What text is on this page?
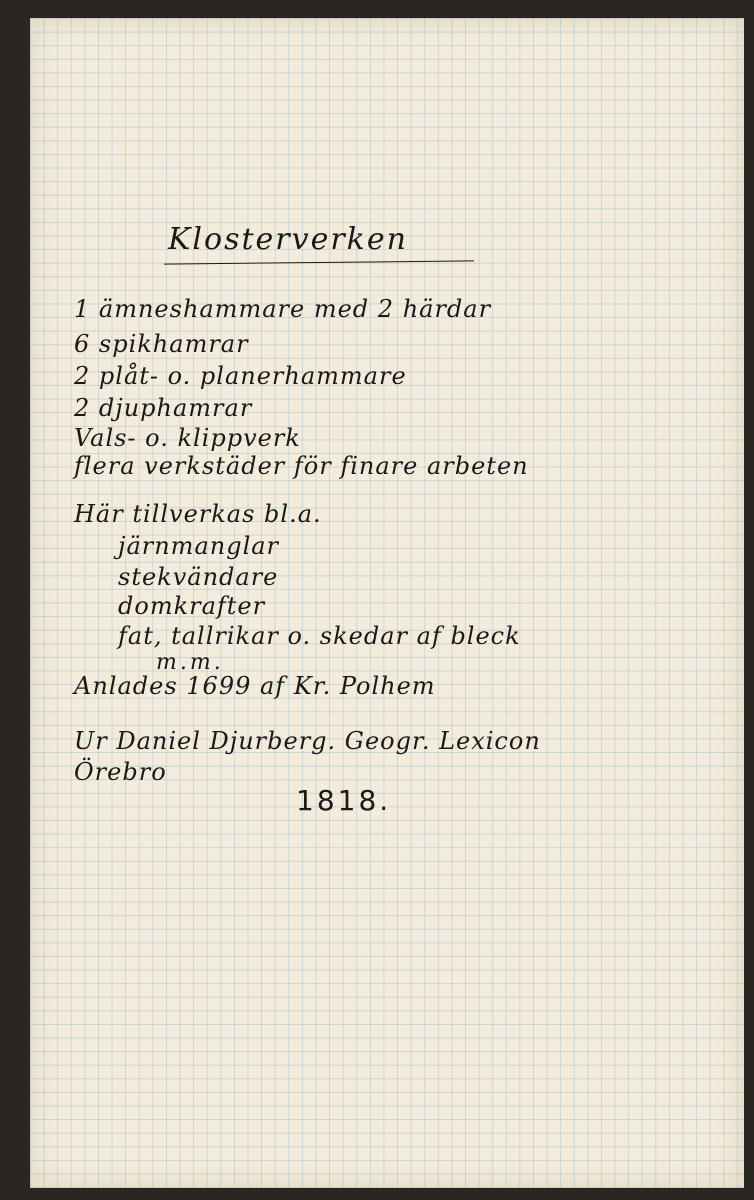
Klosterverken
1 ämneshammare med 2 härdar
6 spikhamrar
2 plåt- o. planerhammare
2 djuphamrar
Vals- o. klippverk
flera verkstäder för finare arbeten
Här tillverkas bl.a.
järnmanglar
stekvändare
domkrafter
fat, tallrikar o. skedar af bleck
m.m.
Anlades 1699 af Kr. Polhem
Ur Daniel Djurberg. Geogr. Lexicon
Örebro
1818.
